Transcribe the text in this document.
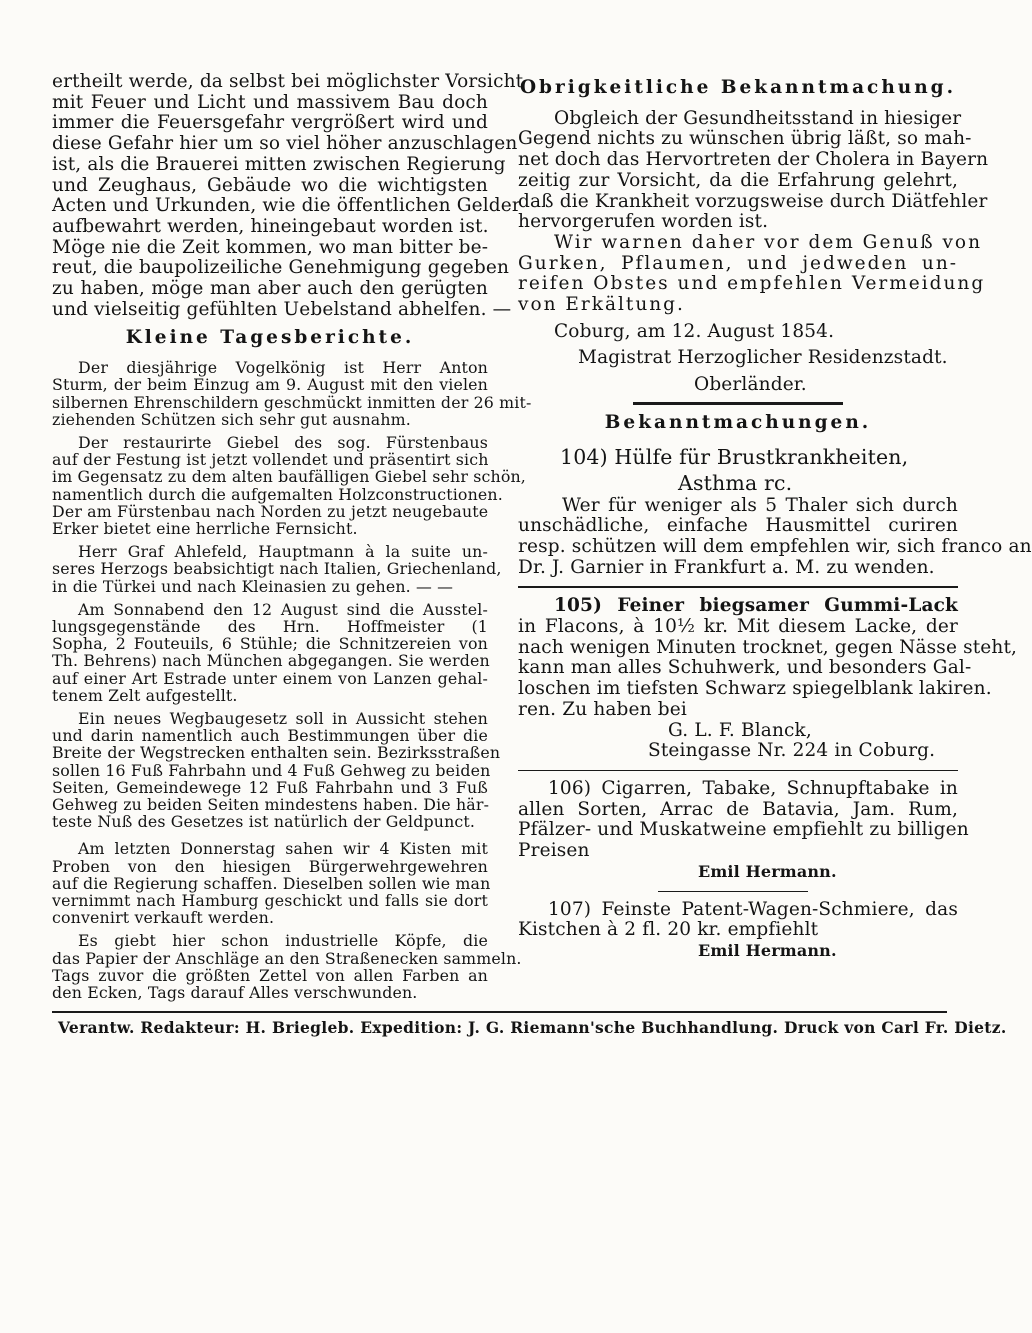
ertheilt werde, da selbst bei möglichster Vorsicht
mit Feuer und Licht und massivem Bau doch
immer die Feuersgefahr vergrößert wird und
diese Gefahr hier um so viel höher anzuschlagen
ist, als die Brauerei mitten zwischen Regierung
und Zeughaus, Gebäude wo die wichtigsten
Acten und Urkunden, wie die öffentlichen Gelder
aufbewahrt werden, hineingebaut worden ist.
Möge nie die Zeit kommen, wo man bitter be-
reut, die baupolizeiliche Genehmigung gegeben
zu haben, möge man aber auch den gerügten
und vielseitig gefühlten Uebelstand abhelfen. —
Kleine Tagesberichte.
Der diesjährige Vogelkönig ist Herr Anton
Sturm, der beim Einzug am 9. August mit den vielen
silbernen Ehrenschildern geschmückt inmitten der 26 mit-
ziehenden Schützen sich sehr gut ausnahm.
Der restaurirte Giebel des sog. Fürstenbaus
auf der Festung ist jetzt vollendet und präsentirt sich
im Gegensatz zu dem alten baufälligen Giebel sehr schön,
namentlich durch die aufgemalten Holzconstructionen.
Der am Fürstenbau nach Norden zu jetzt neugebaute
Erker bietet eine herrliche Fernsicht.
Herr Graf Ahlefeld, Hauptmann à la suite un-
seres Herzogs beabsichtigt nach Italien, Griechenland,
in die Türkei und nach Kleinasien zu gehen. — —
Am Sonnabend den 12 August sind die Ausstel-
lungsgegenstände des Hrn. Hoffmeister (1
Sopha, 2 Fouteuils, 6 Stühle; die Schnitzereien von
Th. Behrens) nach München abgegangen. Sie werden
auf einer Art Estrade unter einem von Lanzen gehal-
tenem Zelt aufgestellt.
Ein neues Wegbaugesetz soll in Aussicht stehen
und darin namentlich auch Bestimmungen über die
Breite der Wegstrecken enthalten sein. Bezirksstraßen
sollen 16 Fuß Fahrbahn und 4 Fuß Gehweg zu beiden
Seiten, Gemeindewege 12 Fuß Fahrbahn und 3 Fuß
Gehweg zu beiden Seiten mindestens haben. Die här-
teste Nuß des Gesetzes ist natürlich der Geldpunct.
Am letzten Donnerstag sahen wir 4 Kisten mit
Proben von den hiesigen Bürgerwehrgewehren
auf die Regierung schaffen. Dieselben sollen wie man
vernimmt nach Hamburg geschickt und falls sie dort
convenirt verkauft werden.
Es giebt hier schon industrielle Köpfe, die
das Papier der Anschläge an den Straßenecken sammeln.
Tags zuvor die größten Zettel von allen Farben an
den Ecken, Tags darauf Alles verschwunden.
Obrigkeitliche Bekanntmachung.
Obgleich der Gesundheitsstand in hiesiger
Gegend nichts zu wünschen übrig läßt, so mah-
net doch das Hervortreten der Cholera in Bayern
zeitig zur Vorsicht, da die Erfahrung gelehrt,
daß die Krankheit vorzugsweise durch Diätfehler
hervorgerufen worden ist.
Wir warnen daher vor dem Genuß von
Gurken, Pflaumen, und jedweden un-
reifen Obstes und empfehlen Vermeidung
von Erkältung.
Coburg, am 12. August 1854.
Magistrat Herzoglicher Residenzstadt.
Oberländer.
Bekanntmachungen.
104) Hülfe für Brustkrankheiten,
Asthma rc.
Wer für weniger als 5 Thaler sich durch
unschädliche, einfache Hausmittel curiren
resp. schützen will dem empfehlen wir, sich franco an
Dr. J. Garnier in Frankfurt a. M. zu wenden.
105) Feiner biegsamer Gummi-Lack
in Flacons, à 10½ kr. Mit diesem Lacke, der
nach wenigen Minuten trocknet, gegen Nässe steht,
kann man alles Schuhwerk, und besonders Gal-
loschen im tiefsten Schwarz spiegelblank lakiren.
ren. Zu haben bei
G. L. F. Blanck,
Steingasse Nr. 224 in Coburg.
106) Cigarren, Tabake, Schnupftabake in
allen Sorten, Arrac de Batavia, Jam. Rum,
Pfälzer- und Muskatweine empfiehlt zu billigen
Preisen
Emil Hermann.
107) Feinste Patent-Wagen-Schmiere, das
Kistchen à 2 fl. 20 kr. empfiehlt
Emil Hermann.
Verantw. Redakteur: H. Briegleb. Expedition: J. G. Riemann'sche Buchhandlung. Druck von Carl Fr. Dietz.
